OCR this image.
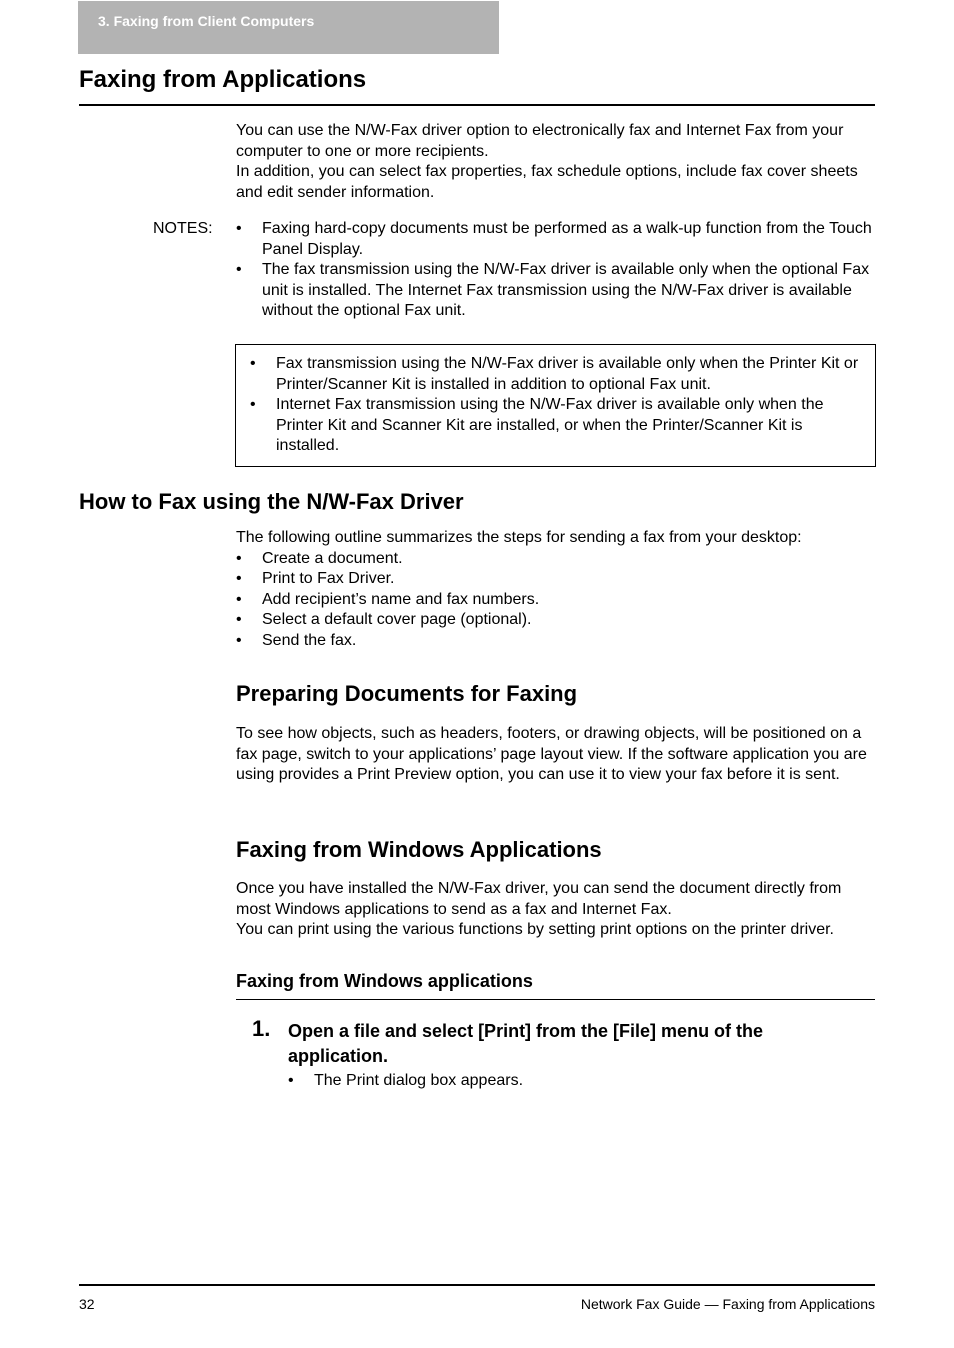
3. Faxing from Client Computers
Faxing from Applications

You can use the N/W-Fax driver option to electronically fax and Internet Fax from your computer to one or more recipients.

In addition, you can select fax properties, fax schedule options, include fax cover sheets and edit sender information.

NOTES: • Faxing hard-copy documents must be performed as a walk-up function from the Touch Panel Display.
• The fax transmission using the N/W-Fax driver is available only when the optional Fax unit is installed. The Internet Fax transmission using the N/W-Fax driver is available without the optional Fax unit.
• Fax transmission using the N/W-Fax driver is available only when the Printer Kit or Printer/Scanner Kit is installed in addition to optional Fax unit.
• Internet Fax transmission using the N/W-Fax driver is available only when the Printer Kit and Scanner Kit are installed, or when the Printer/Scanner Kit is installed.
How to Fax using the N/W-Fax Driver

The following outline summarizes the steps for sending a fax from your desktop:

• Create a document.
• Print to Fax Driver.
• Add recipient’s name and fax numbers.
• Select a default cover page (optional).
• Send the fax.
Preparing Documents for Faxing

To see how objects, such as headers, footers, or drawing objects, will be positioned on a fax page, switch to your applications’ page layout view. If the software application you are using provides a Print Preview option, you can use it to view your fax before it is sent.

Faxing from Windows Applications

Once you have installed the N/W-Fax driver, you can send the document directly from most Windows applications to send as a fax and Internet Fax.

You can print using the various functions by setting print options on the printer driver.

Faxing from Windows applications
1. Open a file and select [Print] from the [File] menu of the application.

• The Print dialog box appears.
32	Network Fax Guide — Faxing from Applications
